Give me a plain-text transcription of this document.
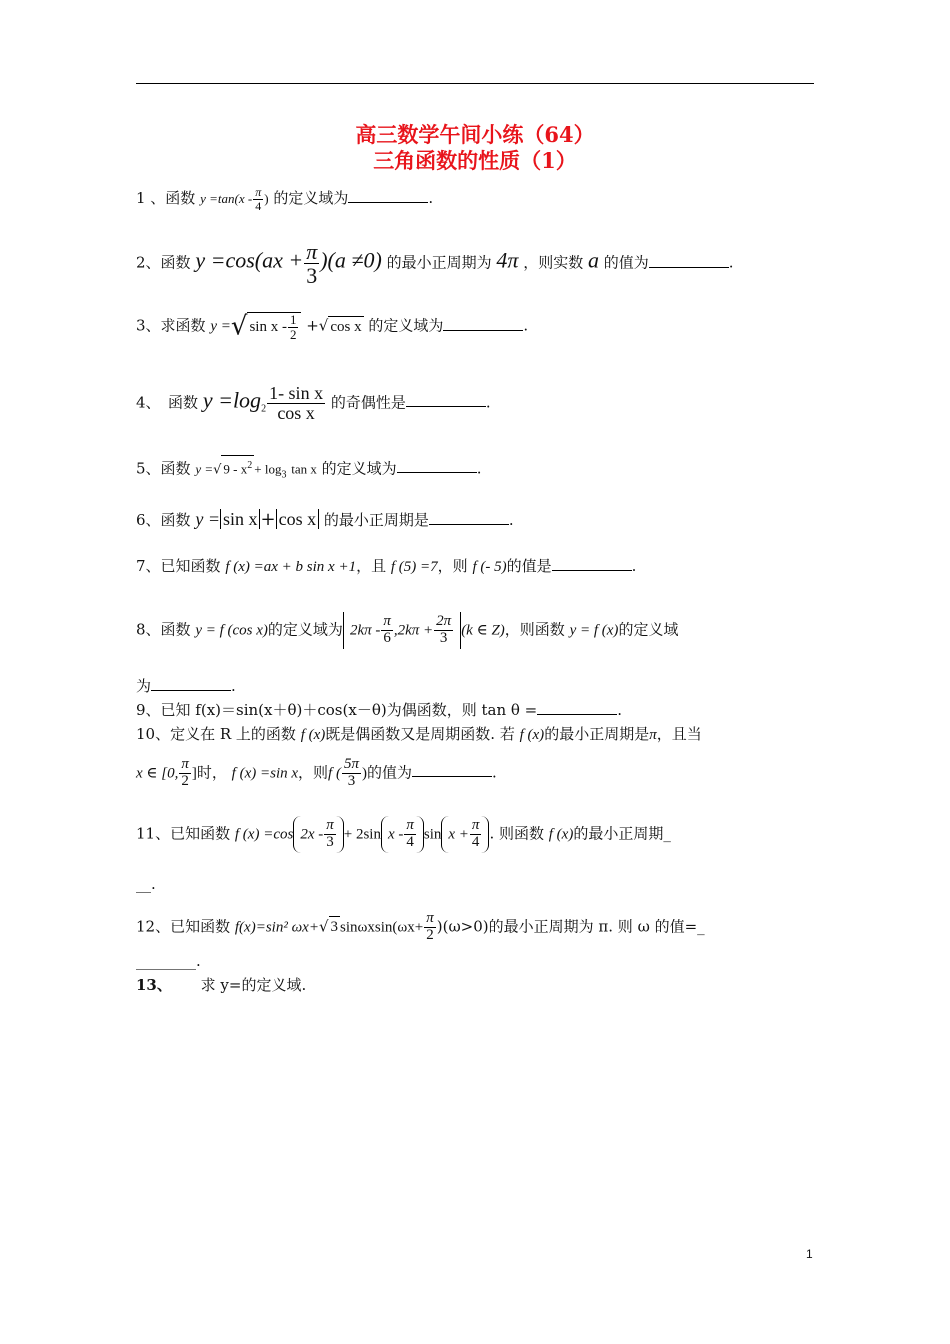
高三数学午间小练（64）
三角函数的性质（1）
1 、函数 $y =\tan(x - \frac{\pi}{4}$ ) 的定义域为	.
2、函数 $y =\cos(ax + \frac{\pi}{3} )(a \ne 0)$ 的最小正周期为 4π ，则实数 a 的值为	.
3、求函数 y =√ sin x - $\frac{1}{2}$ +√ cos x 的定义域为	.
4、　函数 $y =\log_2 \frac{\text{1- sin x}}{\text{cos x}}$ 的奇偶性是	.
5、函数 y =√ $9 - x^2 + \log_3 \tan x$ 的定义域为	.
6、函数 y = sin x + cos x 的最小正周期是	.
7、已知函数 f (x) =ax + b sin x +1，且 f (5) =7，则 f (- 5)的值是	.
8、函数 y = f (cos x)的定义域为 $2k\pi - \frac{\pi}{6} ,2k\pi + \frac{2\pi}{3} (k$ ∈ Z)，则函数 y = f (x)的定义域
为	.
9、已知 f(x)＝sin(x＋θ)＋cos(x－θ)为偶函数，则 tan θ =	.
10、定义在 R 上的函数 f (x)既是偶函数又是周期函数. 若 f (x)的最小正周期是π，且当
x ∈ [0, $\frac{\pi}{2}$ ]时， f (x) =sin x，则f ( $\frac{5\pi}{3}$ )的值为	.
11、已知函数 f (x) =cos $2x - \frac{\pi}{3} + 2\sin$ x - $\frac{\pi}{4}$ $\sin x + \frac{\pi}{4}$ . 则函数 f (x)的最小正周期_
__.
12、已知函数 f(x)=sin² ωx+√ 3 $\sin\omega xsin(\omega x+ \frac{\pi}{2} )(\omega>0)$的最小正周期为 π. 则 ω 的值=_
________.
13、 求 y=的定义域.
1
